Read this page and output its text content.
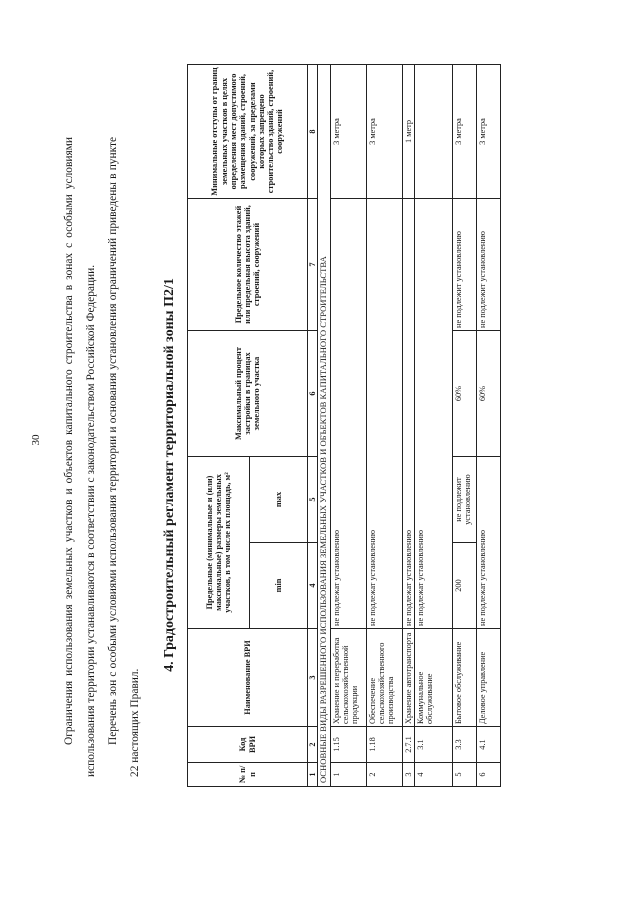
30	Ограничения использования земельных участков и объектов капитального строительства в зонах с особыми условиями использования территории устанавливаются в соответствии с законодательством Российской Федерации. Перечень зон с особыми условиями использования территории и основания установления ограничений приведены в пункте 22 настоящих Правил.

4. Градостроительный регламент территориальной зоны П2/1
№ п/п	Код ВРИ	Наименование ВРИ	Предельные (минимальные и (или) максимальные) размеры земельных участков, в том числе их площадь, м²		Максимальный процент застройки в границах земельного участка	Предельное количество этажей или предельная высота зданий, строений, сооружений	Минимальные отступы от границ земельных участков в целях определения мест допустимого размещения зданий, строений, сооружений, за пределами которых запрещено строительство зданий, строений, сооружений
			min	max			
1	2	3	4	5	6	7	8
ОСНОВНЫЕ ВИДЫ РАЗРЕШЕННОГО ИСПОЛЬЗОВАНИЯ ЗЕМЕЛЬНЫХ УЧАСТКОВ И ОБЪЕКТОВ КАПИТАЛЬНОГО СТРОИТЕЛЬСТВА							
1	1.15	Хранение и переработка сельскохозяйственной продукции	не подлежат установлению				3 метра
2	1.18	Обеспечение сельскохозяйственного производства	не подлежат установлению				3 метра
3	2.7.1	Хранение автотранспорта	не подлежат установлению				1 метр
4	3.1	Коммунальное обслуживание	не подлежат установлению				
5	3.3	Бытовое обслуживание	200	не подлежит установлению	60%	не подлежит установлению	3 метра
6	4.1	Деловое управление	не подлежат установлению		60%	не подлежит установлению	3 метра
